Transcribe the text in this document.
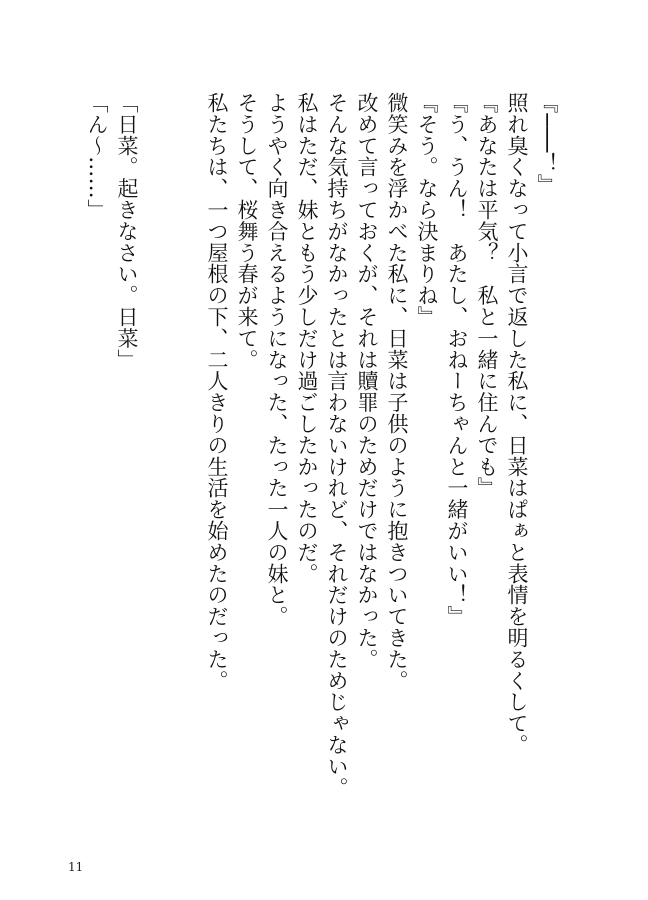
『───！』
照れ臭くなって小言で返した私に、日菜はぱぁと表情を明るくして。
『あなたは平気？　私と一緒に住んでも』
『う、うん！　あたし、おねーちゃんと一緒がいい！』
『そう。なら決まりね』
微笑みを浮かべた私に、日菜は子供のように抱きついてきた。
改めて言っておくが、それは贖罪のためだけではなかった。
そんな気持ちがなかったとは言わないけれど、それだけのためじゃない。
私はただ、妹ともう少しだけ過ごしたかったのだ。
ようやく向き合えるようになった、たった一人の妹と。
そうして、桜舞う春が来て。
私たちは、一つ屋根の下、二人きりの生活を始めたのだった。
「日菜。起きなさい。日菜」
「ん〜……」
11
